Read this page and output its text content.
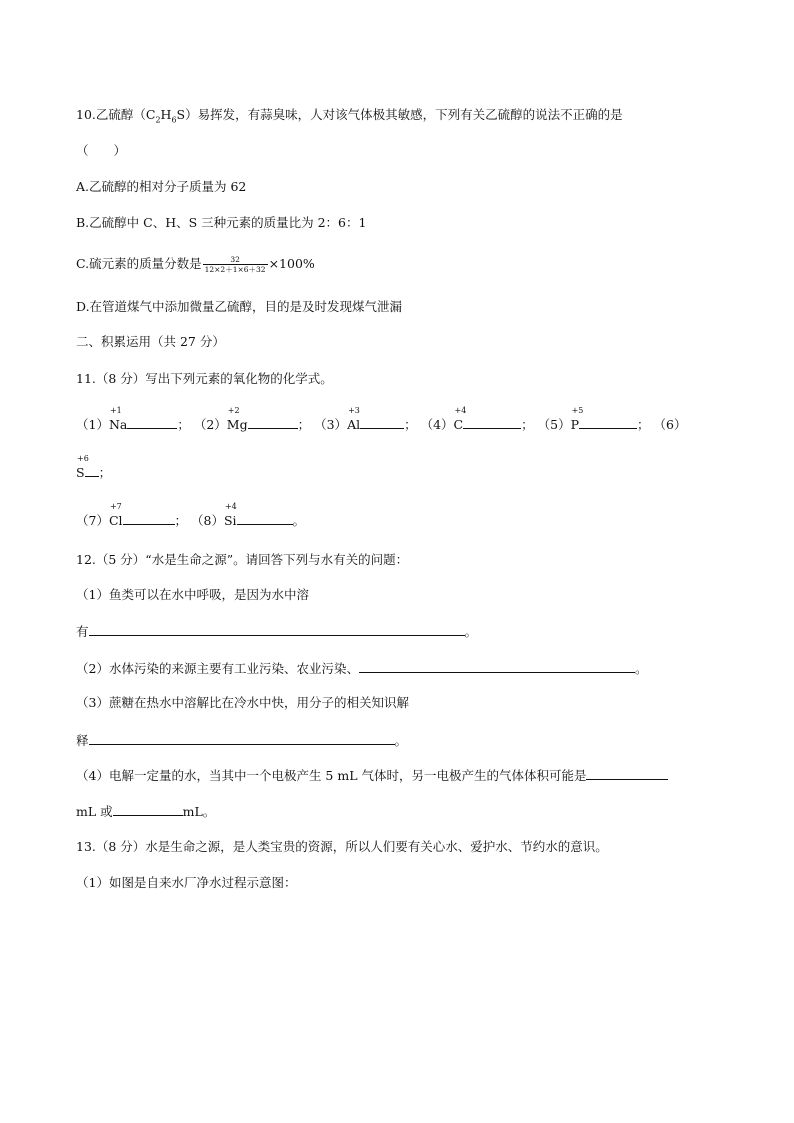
10.乙硫醇$(C_2H_6S)$易挥发，有蒜臭味，人对该气体极其敏感，下列有关乙硫醇的说法不正确的是
（　　）
A.乙硫醇的相对分子质量为 62
B.乙硫醇中 C、H、S 三种元素的质量比为 2：6：1
C.硫元素的质量分数是 $\frac{32}{12\times 2+1\times 6+32} \times 100\%$
D.在管道煤气中添加微量乙硫醇，目的是及时发现煤气泄漏
二、积累运用（共 27 分）
11.（8 分）写出下列元素的氧化物的化学式。
（1）
+1
Na	； （2）
+2
Mg	； （3）
+3
Al	； （4）
+4
C	； （5）
+5
P	； （6）
+6
S ；
（7）
+7
Cl	； （8）
+4
Si	。
12.（5 分）“水是生命之源”。请回答下列与水有关的问题：
（1）鱼类可以在水中呼吸，是因为水中溶
有	。
（2）水体污染的来源主要有工业污染、农业污染、	。
（3）蔗糖在热水中溶解比在冷水中快，用分子的相关知识解
释	。
（4）电解一定量的水，当其中一个电极产生 5 mL 气体时，另一电极产生的气体体积可能是
mL 或	mL。
13.（8 分）水是生命之源，是人类宝贵的资源，所以人们要有关心水、爱护水、节约水的意识。
（1）如图是自来水厂净水过程示意图：
